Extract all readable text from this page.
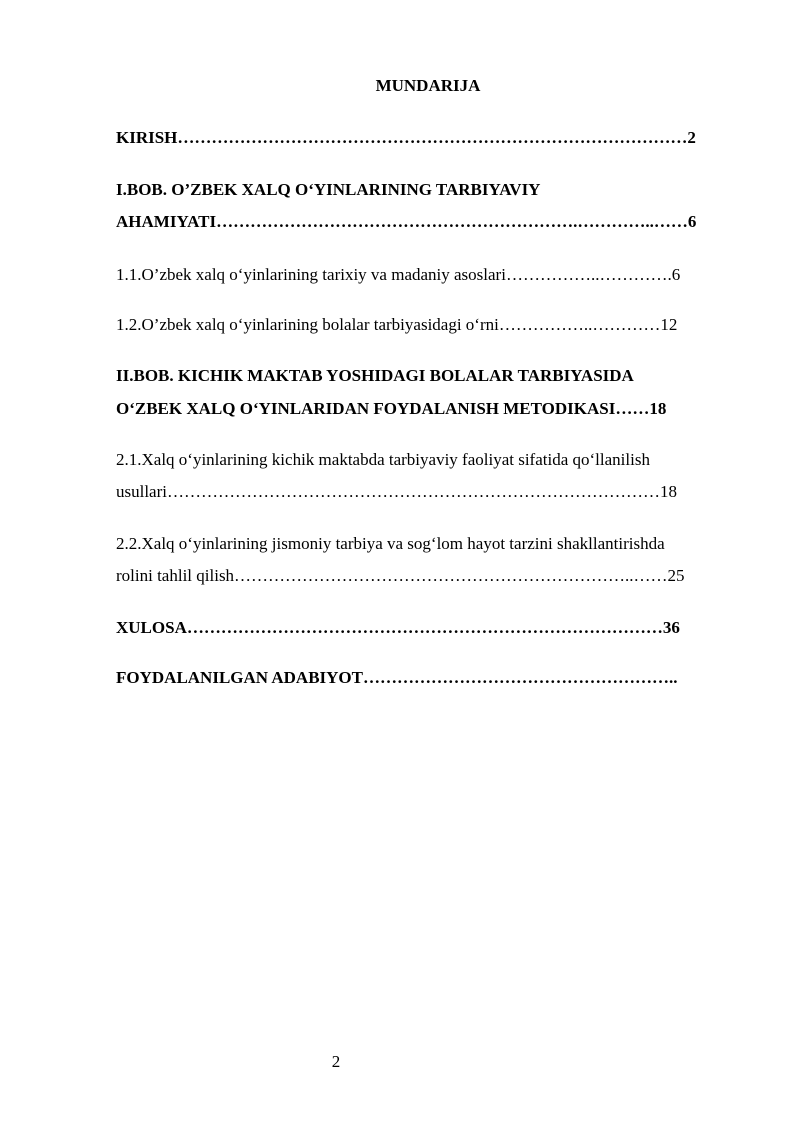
MUNDARIJA
KIRISH………………………………………………………………………………2
I.BOB. O’ZBEK XALQ O‘YINLARINING TARBIYAVIY
AHAMIYATI……………………………………………………….…………..……6
1.1.O’zbek xalq o‘yinlarining tarixiy va madaniy asoslari……………..………….6
1.2.O’zbek xalq o‘yinlarining bolalar tarbiyasidagi o‘rni……………..…………12
II.BOB. KICHIK MAKTAB YOSHIDAGI BOLALAR TARBIYASIDA
O‘ZBEK XALQ O‘YINLARIDAN FOYDALANISH METODIKASI……18
2.1.Xalq o‘yinlarining kichik maktabda tarbiyaviy faoliyat sifatida qo‘llanilish
usullari……………………………………………………………………………18
2.2.Xalq o‘yinlarining jismoniy tarbiya va sog‘lom hayot tarzini shakllantirishda
rolini tahlil qilish……………………………………………………………..……25
XULOSA…………………………………………………………………………36
FOYDALANILGAN ADABIYOT………………………………………………..
2
